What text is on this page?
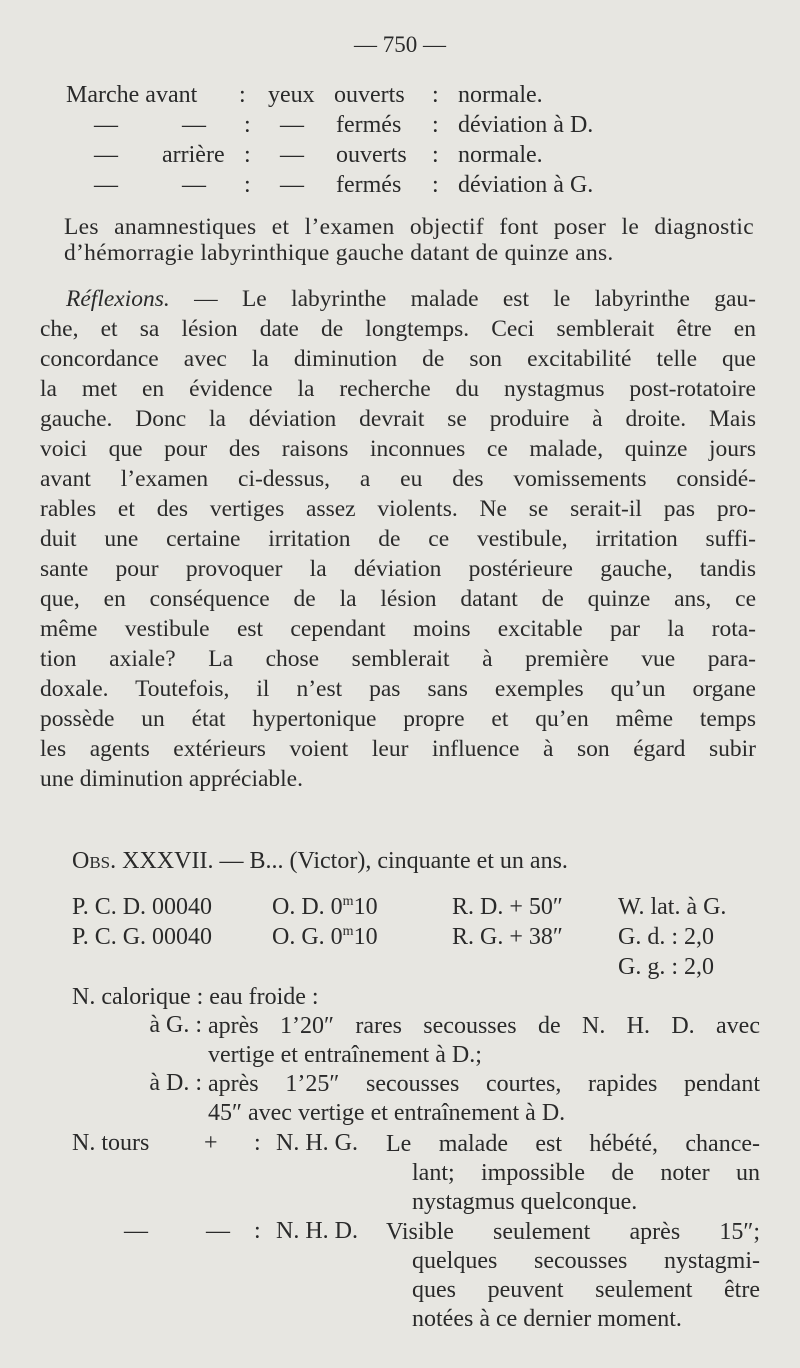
— 750 —
Marche avant : yeux ouverts : normale.
—	— : — fermés : déviation à D.
— arrière : — ouverts : normale.
—	— : — fermés : déviation à G.
Les anamnestiques et l’examen objectif font poser le diagnostic
d’hémorragie labyrinthique gauche datant de quinze ans.
Réflexions. — Le labyrinthe malade est le labyrinthe gau-
che, et sa lésion date de longtemps. Ceci semblerait être en
concordance avec la diminution de son excitabilité telle que
la met en évidence la recherche du nystagmus post-rotatoire
gauche. Donc la déviation devrait se produire à droite. Mais
voici que pour des raisons inconnues ce malade, quinze jours
avant l’examen ci-dessus, a eu des vomissements considé-
rables et des vertiges assez violents. Ne se serait-il pas pro-
duit une certaine irritation de ce vestibule, irritation suffi-
sante pour provoquer la déviation postérieure gauche, tandis
que, en conséquence de la lésion datant de quinze ans, ce
même vestibule est cependant moins excitable par la rota-
tion axiale? La chose semblerait à première vue para-
doxale. Toutefois, il n’est pas sans exemples qu’un organe
possède un état hypertonique propre et qu’en même temps
les agents extérieurs voient leur influence à son égard subir
une diminution appréciable.
Obs. XXXVII. — B... (Victor), cinquante et un ans.
P. C. D. 00040 O. D. 0$^m$10	R. D. + 50″ W. lat. à G.
P. C. G. 00040 O. G. 0$^m$10	R. G. + 38″ G. d. : 2,0
G. g. : 2,0
N. calorique : eau froide :
à G. : après 1’20″ rares secousses de N. H. D. avec
vertige et entraînement à D.;
à D. : après 1’25″ secousses courtes, rapides pendant
45″ avec vertige et entraînement à D.
N. tours + : N. H. G. Le malade est hébété, chance-
lant; impossible de noter un
nystagmus quelconque.
— — : N. H. D. Visible seulement après 15″;
quelques secousses nystagmi-
ques peuvent seulement être
notées à ce dernier moment.
